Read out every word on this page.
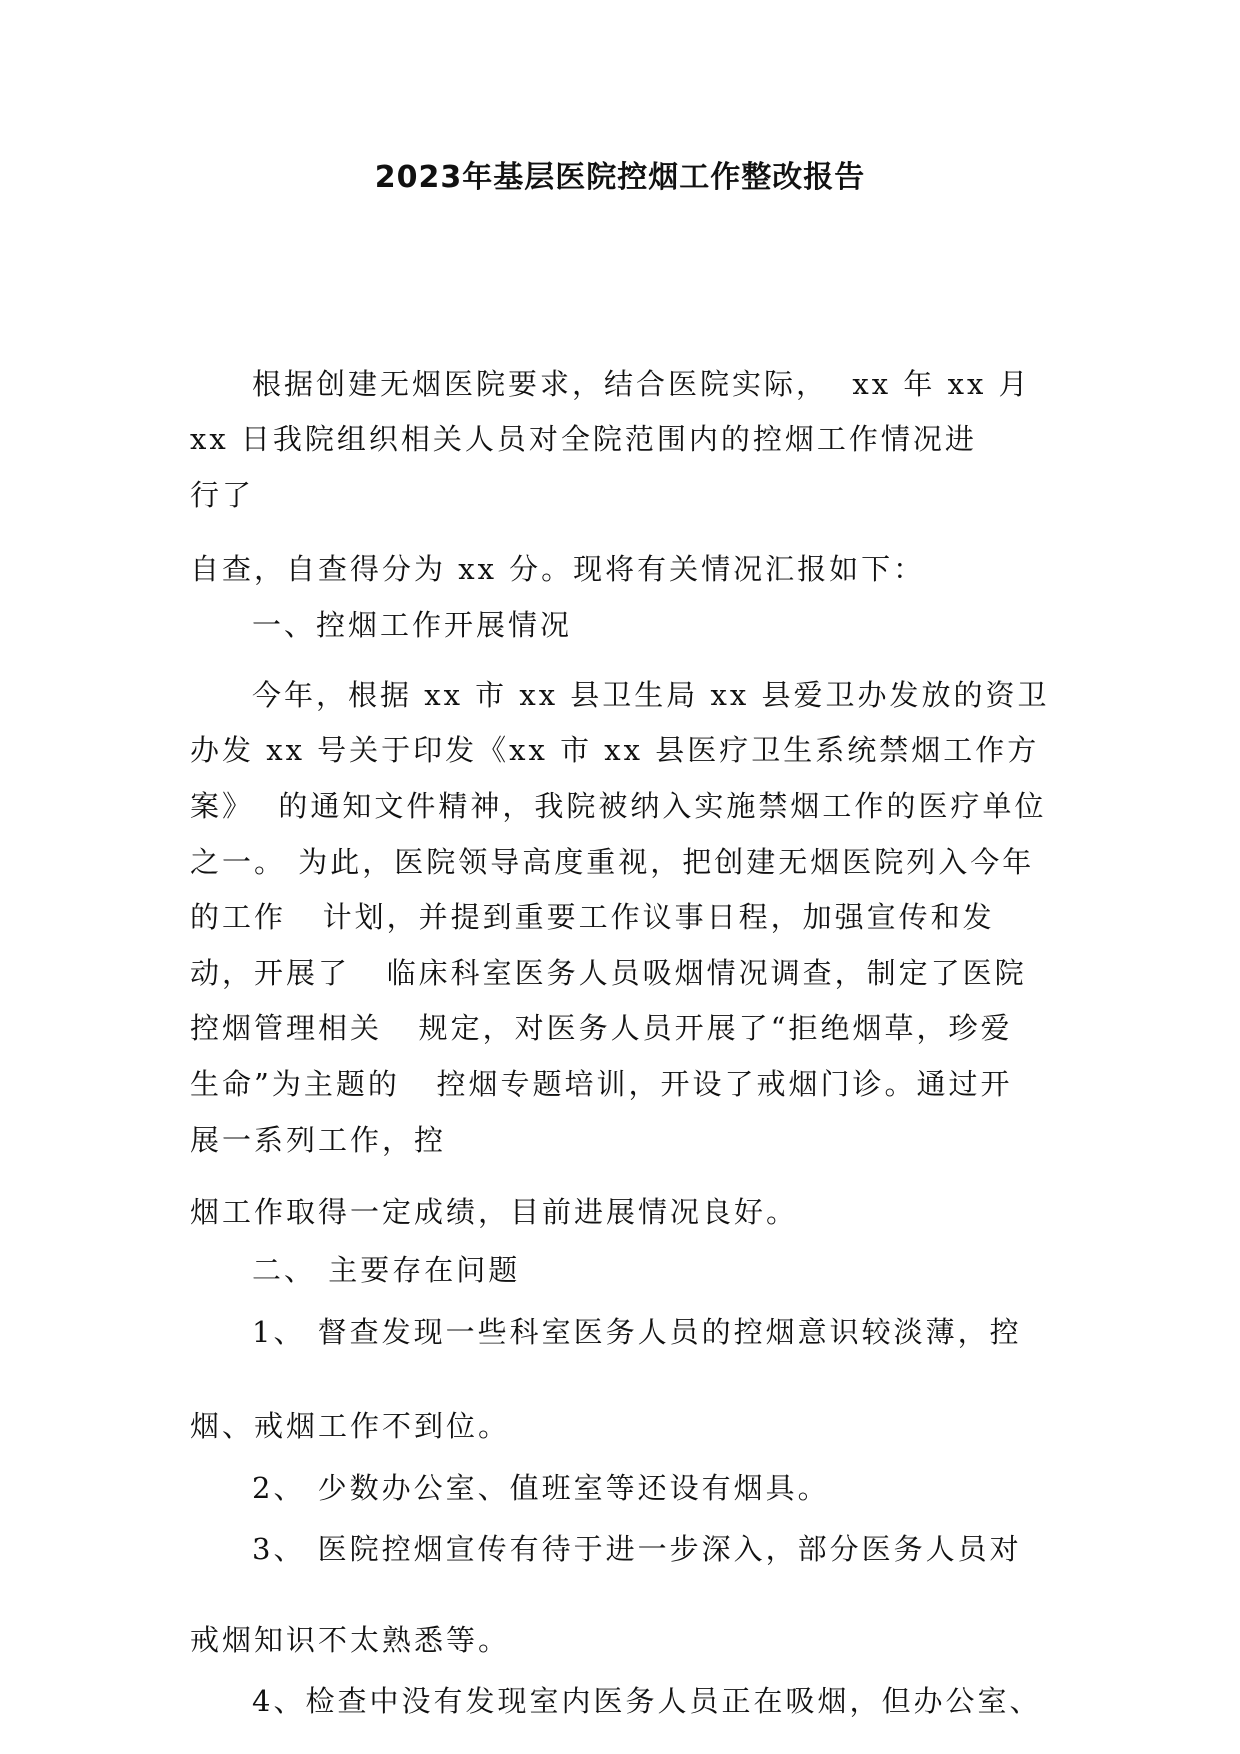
2023年基层医院控烟工作整改报告
根据创建无烟医院要求，结合医院实际，  xx 年 xx 月
xx 日我院组织相关人员对全院范围内的控烟工作情况进
行了
自查，自查得分为 xx 分。现将有关情况汇报如下：
一、控烟工作开展情况
今年，根据 xx 市 xx 县卫生局 xx 县爱卫办发放的资卫
办发 xx 号关于印发《xx 市 xx 县医疗卫生系统禁烟工作方
案》  的通知文件精神，我院被纳入实施禁烟工作的医疗单位
之一。 为此，医院领导高度重视，把创建无烟医院列入今年
的工作   计划，并提到重要工作议事日程，加强宣传和发
动，开展了   临床科室医务人员吸烟情况调查，制定了医院
控烟管理相关   规定，对医务人员开展了“拒绝烟草，珍爱
生命”为主题的   控烟专题培训，开设了戒烟门诊。通过开
展一系列工作，控
烟工作取得一定成绩，目前进展情况良好。
二、 主要存在问题
1、 督查发现一些科室医务人员的控烟意识较淡薄，控
烟、戒烟工作不到位。
2、 少数办公室、值班室等还设有烟具。
3、 医院控烟宣传有待于进一步深入，部分医务人员对
戒烟知识不太熟悉等。
4、检查中没有发现室内医务人员正在吸烟，但办公室、
